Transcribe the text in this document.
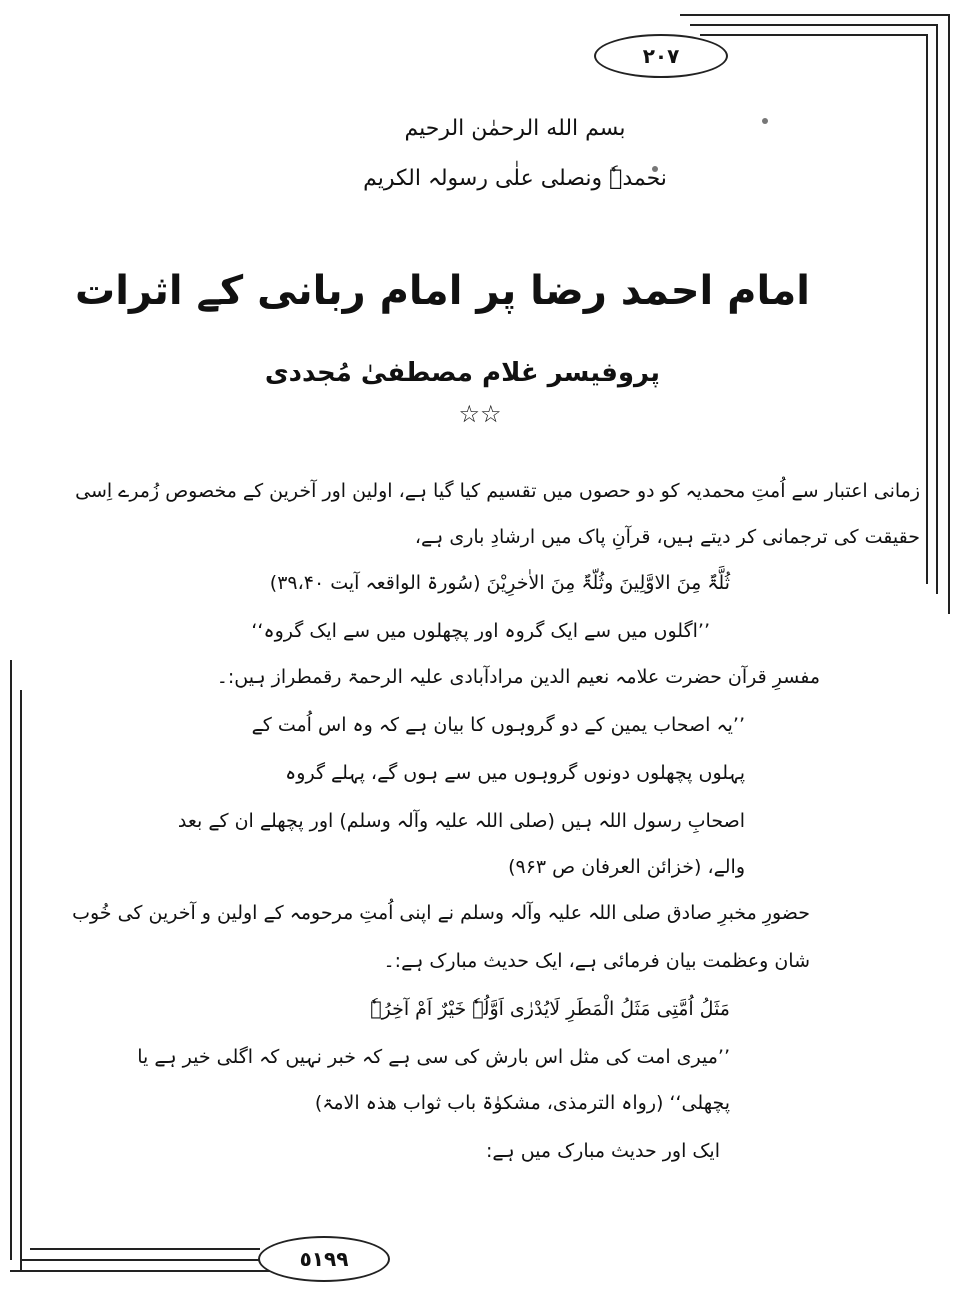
٢٠٧
٥١٩٩
بسم الله الرحمٰن الرحیم
نحمدہٗ ونصلی علٰی رسولہ الکریم
امام احمد رضا پر امام ربانی کے اثرات
پروفیسر غلام مصطفیٰ مُجددی
☆☆
زمانی اعتبار سے اُمتِ محمدیہ کو دو حصوں میں تقسیم کیا گیا ہے، اولین اور آخرین کے مخصوص زُمرے اِسی
حقیقت کی ترجمانی کر دیتے ہیں، قرآنِ پاک میں ارشادِ باری ہے،
ثُلَّۃٌ مِنَ الاوَّلِینَ وثُلّۃٌ مِنَ الاٰخرِیْنَ (سُورۃ الواقعہ آیت ۳۹،۴۰)
’’اگلوں میں سے ایک گروہ اور پچھلوں میں سے ایک گروہ‘‘
مفسرِ قرآن حضرت علامہ نعیم الدین مرادآبادی علیہ الرحمۃ رقمطراز ہیں:۔
’’یہ اصحاب یمین کے دو گروہوں کا بیان ہے کہ وہ اس اُمت کے
پہلوں پچھلوں دونوں گروہوں میں سے ہوں گے، پہلے گروہ
اصحابِ رسول اللہ ہیں (صلی اللہ علیہ وآلہ وسلم) اور پچھلے ان کے بعد
والے، (خزائن العرفان ص ۹۶۳)
حضورِ مخبرِ صادق صلی اللہ علیہ وآلہ وسلم نے اپنی اُمتِ مرحومہ کے اولین و آخرین کی خُوب
شان وعظمت بیان فرمائی ہے، ایک حدیث مبارک ہے:۔
مَثَلُ اُمَّتِی مَثَلُ الْمَطَرِ لَایُدْرٰی اَوَّلُہٗ خَیْرٌ اَمْ آخِرُہٗ
’’میری امت کی مثل اس بارش کی سی ہے کہ خبر نہیں کہ اگلی خیر ہے یا
پچھلی‘‘ (رواہ الترمذی، مشکوٰۃ باب ثواب ھذہ الامۃ)
ایک اور حدیث مبارک میں ہے:
